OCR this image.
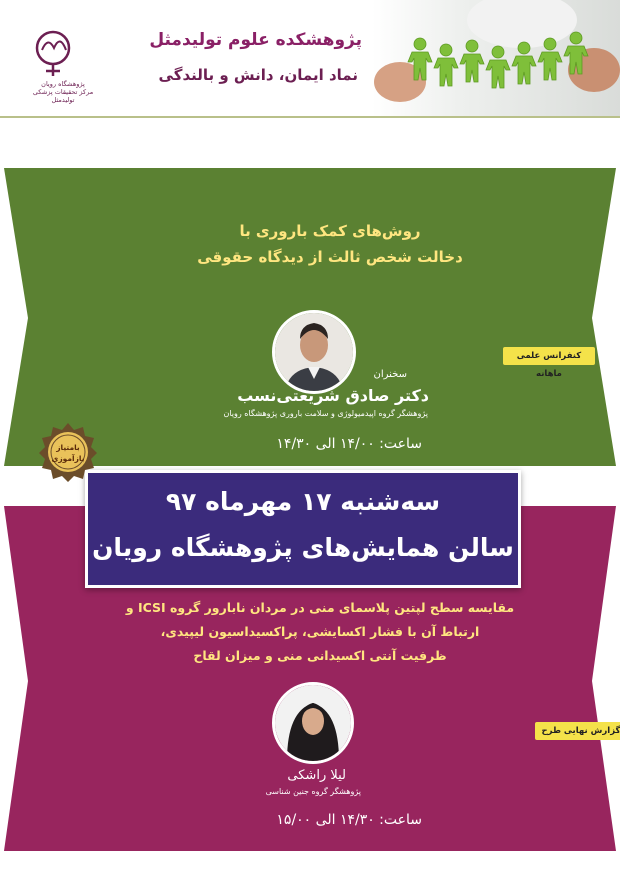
پژوهشکده علوم تولیدمثل
نماد ایمان، دانش و بالندگی
پژوهشگاه رویان
مرکز تحقیقات پزشکی
تولیدمثل
روش‌های کمک باروری با
دخالت شخص ثالث از دیدگاه حقوقی
کنفرانس علمی ماهانه
سخنران
دکتر صادق شریعتی‌نسب
پژوهشگر گروه اپیدمیولوژی و سلامت باروری پژوهشگاه رویان
ساعت: ۱۴/۰۰ الی ۱۴/۳۰
سه‌شنبه ۱۷ مهرماه ۹۷
سالن همایش‌های پژوهشگاه رویان
بامتیاز
بازآموزی
مقایسه سطح لپتین پلاسمای منی در مردان نابارور گروه ICSI و
ارتباط آن با فشار اکسایشی، پراکسیداسیون لیپیدی،
ظرفیت آنتی اکسیدانی منی و میزان لقاح
گزارش نهایی طرح
لیلا راشکی
پژوهشگر گروه جنین شناسی
ساعت: ۱۴/۳۰ الی ۱۵/۰۰
